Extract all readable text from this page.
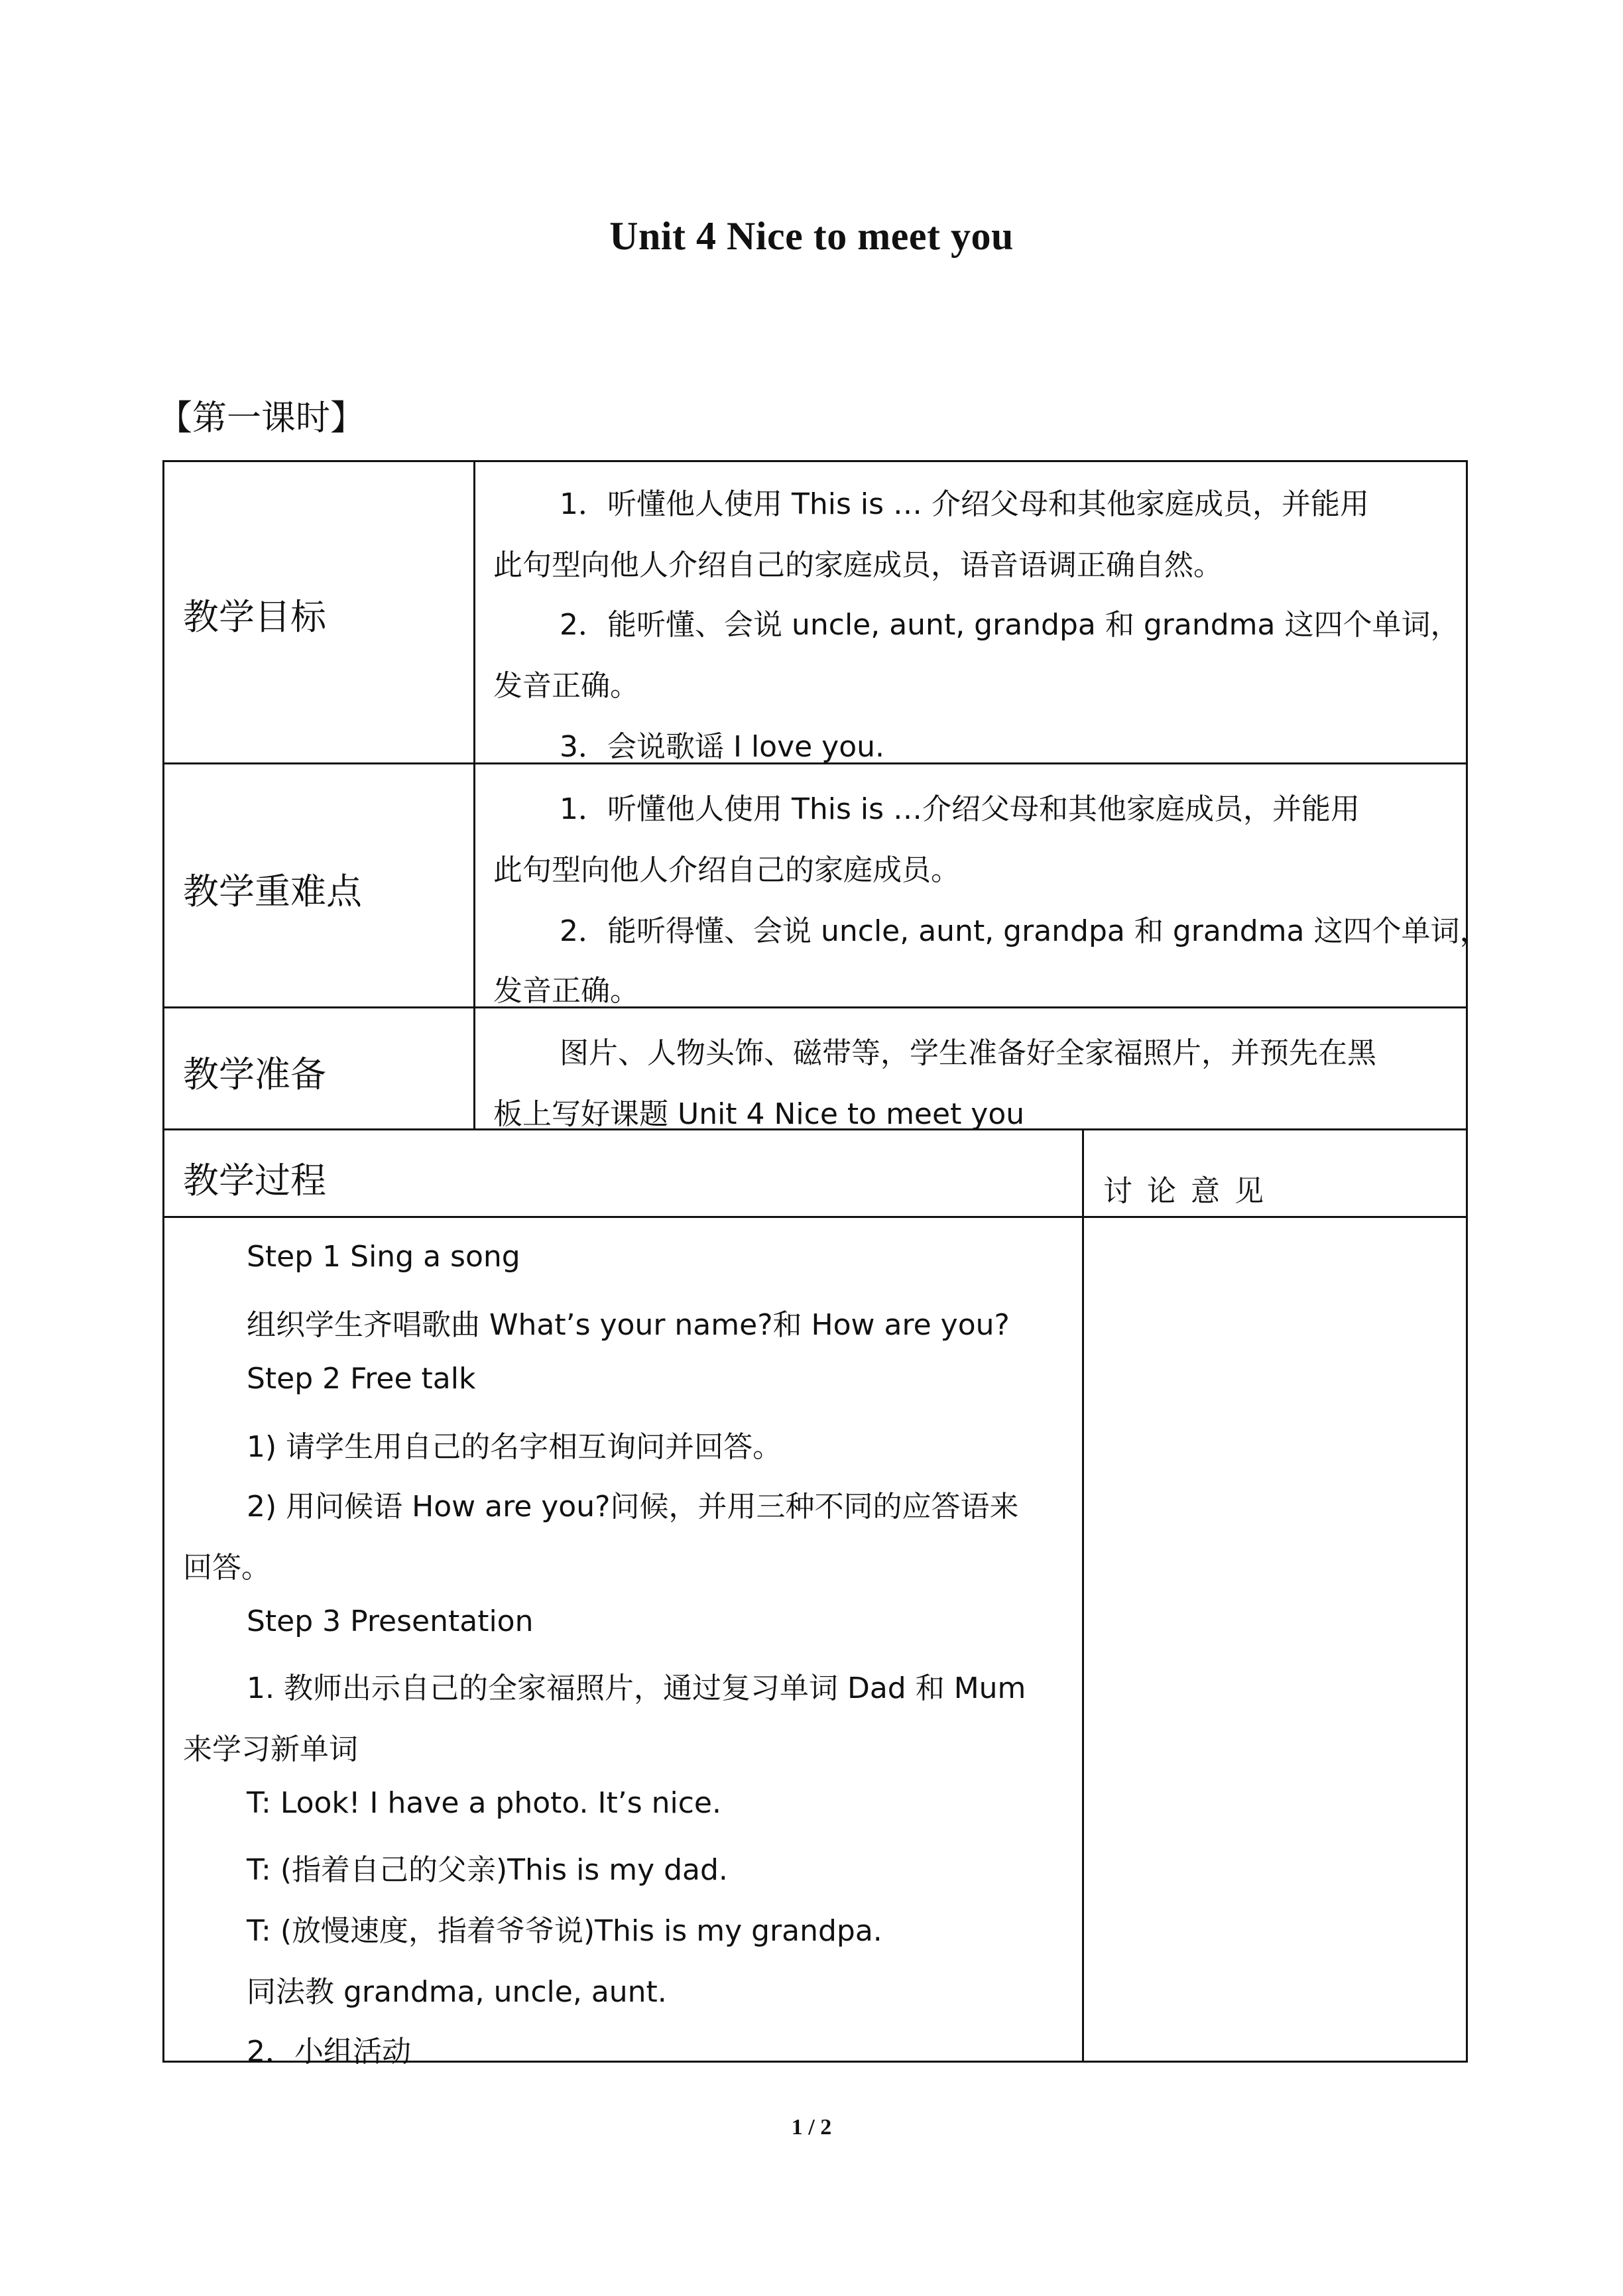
Unit 4 Nice to meet you
【第一课时】
教学目标
1．听懂他人使用 This is … 介绍父母和其他家庭成员，并能用
此句型向他人介绍自己的家庭成员，语音语调正确自然。
2．能听懂、会说 uncle, aunt, grandpa 和 grandma 这四个单词，
发音正确。
3．会说歌谣 I love you.
教学重难点
1．听懂他人使用 This is …介绍父母和其他家庭成员，并能用
此句型向他人介绍自己的家庭成员。
2．能听得懂、会说 uncle, aunt, grandpa 和 grandma 这四个单词，
发音正确。
教学准备
图片、人物头饰、磁带等，学生准备好全家福照片，并预先在黑
板上写好课题 Unit 4 Nice to meet you
教学过程	讨论意见
Step 1 Sing a song
组织学生齐唱歌曲 What’s your name?和 How are you?
Step 2 Free talk
1) 请学生用自己的名字相互询问并回答。
2) 用问候语 How are you?问候，并用三种不同的应答语来
回答。
Step 3 Presentation
1. 教师出示自己的全家福照片，通过复习单词 Dad 和 Mum
来学习新单词
T: Look! I have a photo. It’s nice.
T: (指着自己的父亲)This is my dad.
T: (放慢速度，指着爷爷说)This is my grandpa.
同法教 grandma, uncle, aunt.
2．小组活动
1 / 2
